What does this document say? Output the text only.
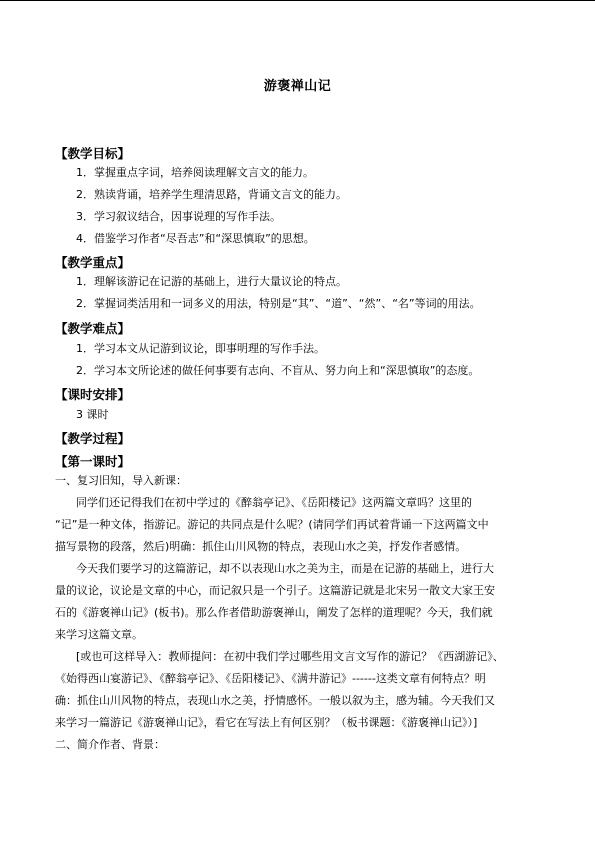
游褒禅山记
【教学目标】
1．掌握重点字词，培养阅读理解文言文的能力。
2．熟读背诵，培养学生理清思路，背诵文言文的能力。
3．学习叙议结合，因事说理的写作手法。
4．借鉴学习作者“尽吾志”和“深思慎取”的思想。
【教学重点】
1．理解该游记在记游的基础上，进行大量议论的特点。
2．掌握词类活用和一词多义的用法，特别是“其”、“道”、“然”、“名”等词的用法。
【教学难点】
1．学习本文从记游到议论，即事明理的写作手法。
2．学习本文所论述的做任何事要有志向、不盲从、努力向上和“深思慎取”的态度。
【课时安排】
3 课时
【教学过程】
【第一课时】
一、复习旧知，导入新课：
同学们还记得我们在初中学过的《醉翁亭记》、《岳阳楼记》这两篇文章吗？这里的
“记”是一种文体，指游记。游记的共同点是什么呢？(请同学们再试着背诵一下这两篇文中
描写景物的段落，然后)明确：抓住山川风物的特点，表现山水之美，抒发作者感情。
今天我们要学习的这篇游记，却不以表现山水之美为主，而是在记游的基础上，进行大
量的议论，议论是文章的中心，而记叙只是一个引子。这篇游记就是北宋另一散文大家王安
石的《游褒禅山记》(板书)。那么作者借助游褒禅山，阐发了怎样的道理呢？今天，我们就
来学习这篇文章。
[或也可这样导入：教师提问：在初中我们学过哪些用文言文写作的游记？《西湖游记》、
《始得西山宴游记》、《醉翁亭记》、《岳阳楼记》、《满井游记》------这类文章有何特点？明
确：抓住山川风物的特点，表现山水之美，抒情感怀。一般以叙为主，感为辅。今天我们又
来学习一篇游记《游褒禅山记》，看它在写法上有何区别？（板书课题：《游褒禅山记》）]
二、简介作者、背景：
